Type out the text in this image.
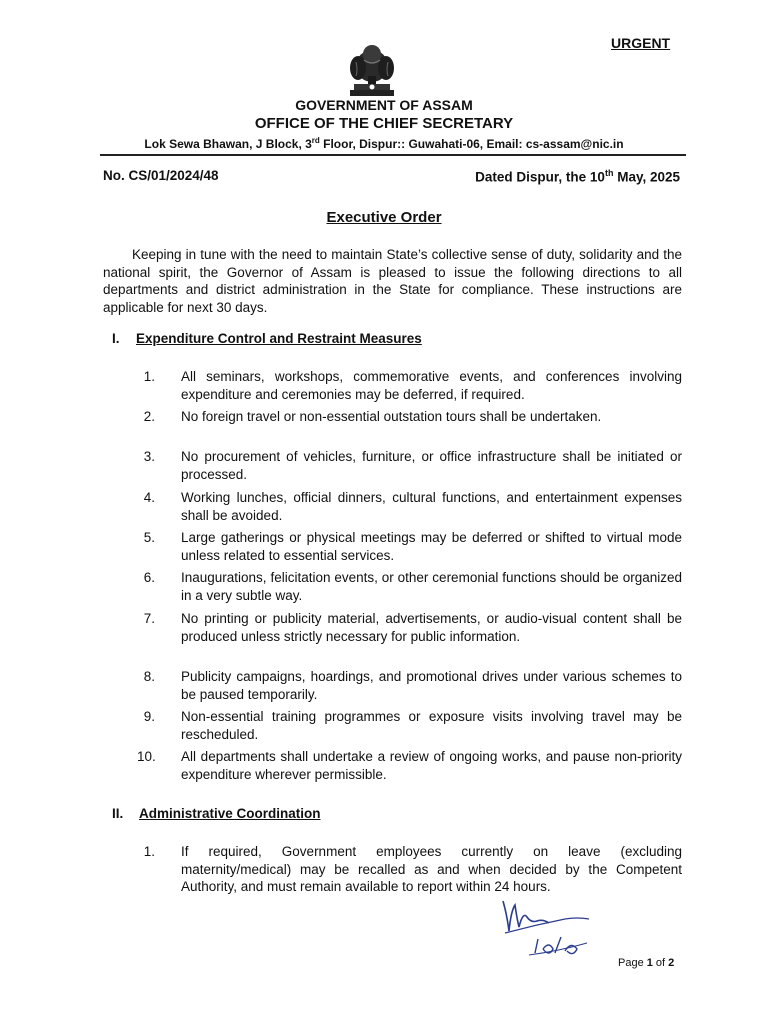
URGENT
GOVERNMENT OF ASSAM
OFFICE OF THE CHIEF SECRETARY
Lok Sewa Bhawan, J Block, 3rd Floor, Dispur:: Guwahati-06, Email: cs-assam@nic.in
No. CS/01/2024/48	Dated Dispur, the 10th May, 2025
Executive Order

Keeping in tune with the need to maintain State’s collective sense of duty, solidarity and the national spirit, the Governor of Assam is pleased to issue the following directions to all departments and district administration in the State for compliance. These instructions are applicable for next 30 days.

I. Expenditure Control and Restraint Measures
1. All seminars, workshops, commemorative events, and conferences involving expenditure and ceremonies may be deferred, if required.

2. No foreign travel or non-essential outstation tours shall be undertaken.

3. No procurement of vehicles, furniture, or office infrastructure shall be initiated or processed.

4. Working lunches, official dinners, cultural functions, and entertainment expenses shall be avoided.

5. Large gatherings or physical meetings may be deferred or shifted to virtual mode unless related to essential services.

6. Inaugurations, felicitation events, or other ceremonial functions should be organized in a very subtle way.

7. No printing or publicity material, advertisements, or audio-visual content shall be produced unless strictly necessary for public information.

8. Publicity campaigns, hoardings, and promotional drives under various schemes to be paused temporarily.

9. Non-essential training programmes or exposure visits involving travel may be rescheduled.

10. All departments shall undertake a review of ongoing works, and pause non-priority expenditure wherever permissible.

II. Administrative Coordination
1. If required, Government employees currently on leave (excluding maternity/medical) may be recalled as and when decided by the Competent Authority, and must remain available to report within 24 hours.

Page 1 of 2
